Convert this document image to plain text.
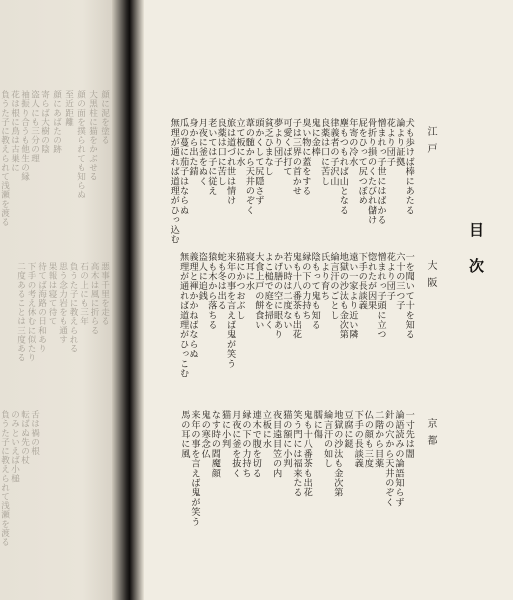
顔に泥を塗る
大黒柱に猫をかぶせる
顔の面を撲られても知らぬ
至近距離
顔にあばたの跡
寄らば大樹の陰
盗人にも三分の理
袖振り合うも他生の縁
花は根に鳥は古巣に
負うた子に教えられて浅瀬を渡る
悪事千里を走る
高木は風に折らる
石の上にも三年
負うた子に教えられる
思う念力岩をも通す
果報は寝て待て
待てば海路の日和あり
下手の考え休むに似たり
二度あることは三度ある
舌は禍の根
転ばぬ先の杖
のみといえば小槌
負うた子に教えられて浅瀬を渡る
目
次
江戸
大阪
京都
犬も歩けば棒にあたる
論より証拠
花より団子
憎まれっ子世にはばかる
骨折り損のくたびれ儲け
屁をひって尻つぼめ
年寄の冷水
塵もつもれば山となる
律義者の子沢山
良薬は口に苦し
鬼に金棒
臭い物に蓋をする
子は三界の首かせ
可愛くば打て
夢より団子
貧乏ひまなし
頭かくして尻隠さず
葦の髄から天井のぞく
立て板に水
旅は道づれ世は情け
良薬は口に苦し
老いては子に従え
月夜に釜をぬく
身から出た錆
瓜の蔓に茄子はならぬ
無理が通れば道理がひっ込む
一を聞いて十を知る
六十の三つ子
花より団子
憎まれっ子頭に立つ
惚れたが因果
下手の長談義
遠い一家より近い隣
地獄の沙汰も金次第
綸言汗のごとし
氏より育ち
陰もって鬼も知る
縁の下の力持ち
鬼も十八番茶も出花
若い時は二度ない
かげ膳の空に眼あり
よこ槌で庭を掃く
大食上戸の餅食い
寝耳に水
猫にかつおぶし
来年の事を言えば鬼が笑う
蛇も冬は出る
猿も木から落ちる
盗人に追銭
義理と褌かかねばならぬ
無理が通れば道理がひっこむ
一寸先は闇
論語読みの論語知らず
針の穴から天井のぞく
二階から目薬
仏の顔も三度
下手の長談義
豆腐に鎹
地獄の沙汰も金次第
綸言汗の如し
臑に傷
鬼も十八番茶も出花
笑う門には福来たる
猫の額に小判
夜目遠目笠の内
立板に水
連木で腹を切る
縁の下の力持ち
月夜に釜を抜く
猫に小判
なす時の閻魔顔
鬼の寒念仏
来年の事を言えば鬼が笑う
馬の耳に風
